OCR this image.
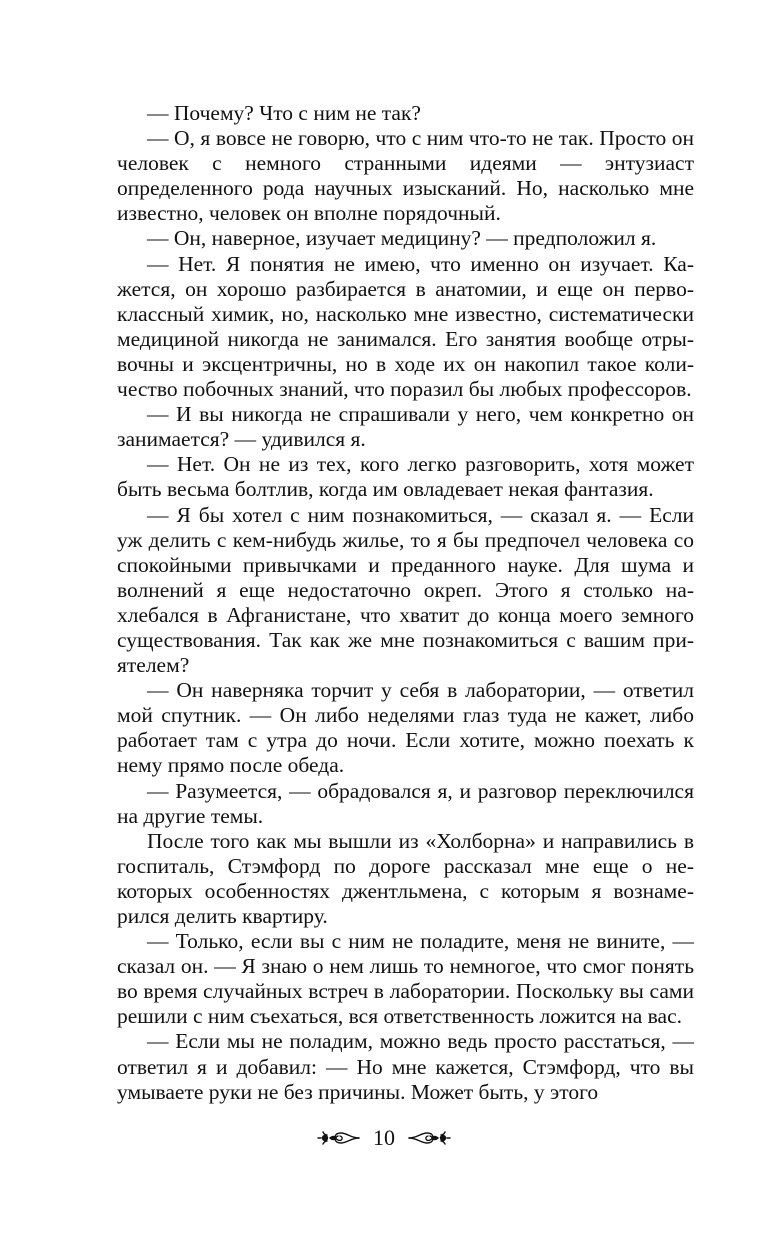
— Почему? Что с ним не так?

— О, я вовсе не говорю, что с ним что-то не так. Просто он человек с немного странными идеями — энтузиаст определенного рода научных изысканий. Но, насколько мне известно, человек он вполне порядочный.

— Он, наверное, изучает медицину? — предположил я.

— Нет. Я понятия не имею, что именно он изучает. Кажется, он хорошо разбирается в анатомии, и еще он первоклассный химик, но, насколько мне известно, систематически медициной никогда не занимался. Его занятия вообще отрывочны и эксцентричны, но в ходе их он накопил такое количество побочных знаний, что поразил бы любых профессоров.

— И вы никогда не спрашивали у него, чем конкретно он занимается? — удивился я.

— Нет. Он не из тех, кого легко разговорить, хотя может быть весьма болтлив, когда им овладевает некая фантазия.

— Я бы хотел с ним познакомиться, — сказал я. — Если уж делить с кем-нибудь жилье, то я бы предпочел человека со спокойными привычками и преданного науке. Для шума и волнений я еще недостаточно окреп. Этого я столько нахлебался в Афганистане, что хватит до конца моего земного существования. Так как же мне познакомиться с вашим приятелем?

— Он наверняка торчит у себя в лаборатории, — ответил мой спутник. — Он либо неделями глаз туда не кажет, либо работает там с утра до ночи. Если хотите, можно поехать к нему прямо после обеда.

— Разумеется, — обрадовался я, и разговор переключился на другие темы.

После того как мы вышли из «Холборна» и направились в госпиталь, Стэмфорд по дороге рассказал мне еще о некоторых особенностях джентльмена, с которым я вознамерился делить квартиру.

— Только, если вы с ним не поладите, меня не вините, — сказал он. — Я знаю о нем лишь то немногое, что смог понять во время случайных встреч в лаборатории. Поскольку вы сами решили с ним съехаться, вся ответственность ложится на вас.

— Если мы не поладим, можно ведь просто расстаться, — ответил я и добавил: — Но мне кажется, Стэмфорд, что вы умываете руки не без причины. Может быть, у этого

10
